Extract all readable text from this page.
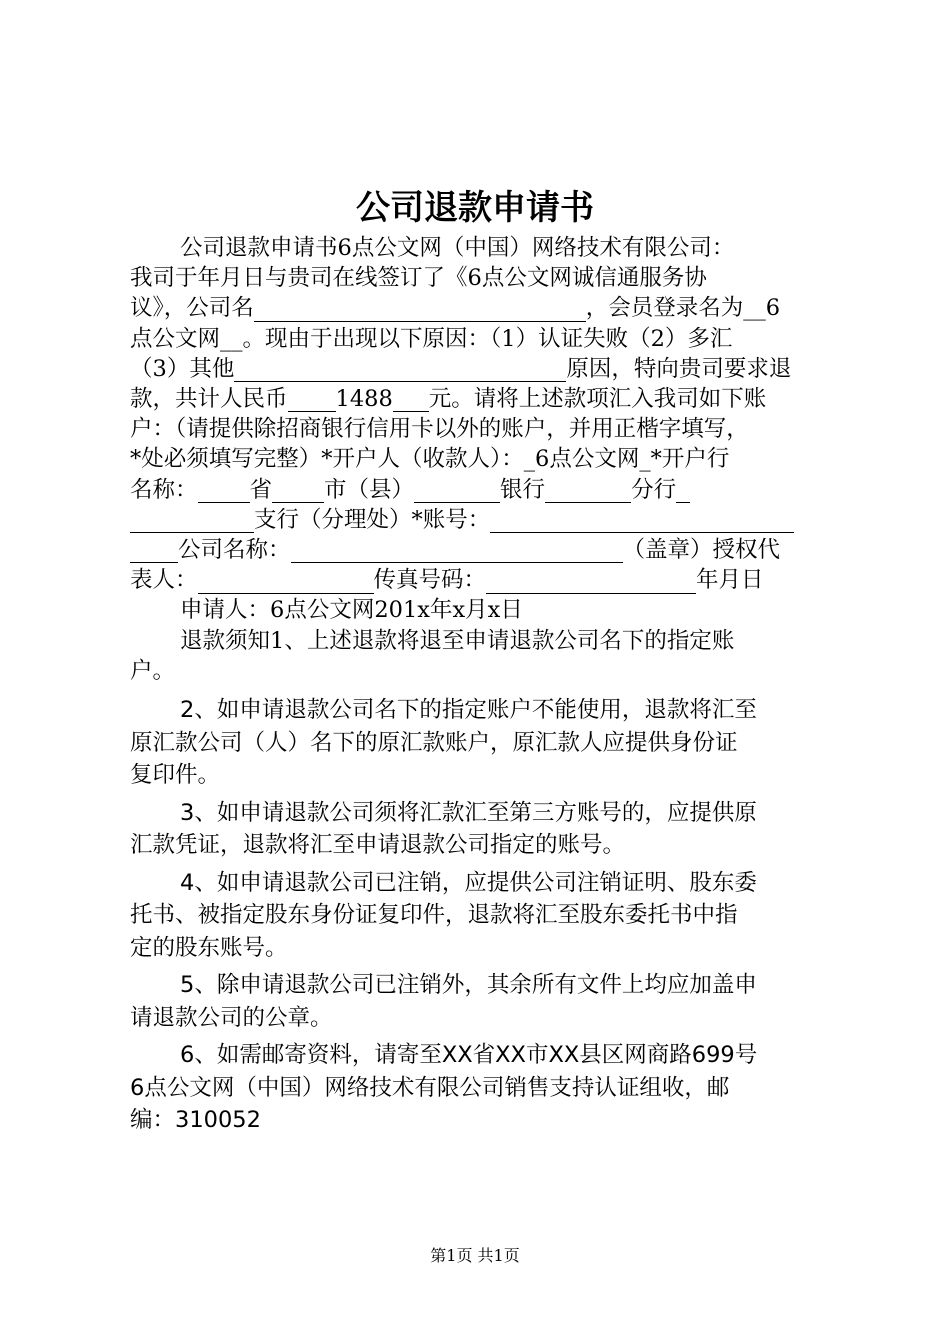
公司退款申请书

公司退款申请书6点公文网（中国）网络技术有限公司：
我司于年月日与贵司在线签订了《6点公文网诚信通服务协
议》，公司名	，会员登录名为__6
点公文网__。现由于出现以下原因：（1）认证失败（2）多汇
（3）其他	原因，特向贵司要求退
款，共计人民币 1488 元。请将上述款项汇入我司如下账
户：（请提供除招商银行信用卡以外的账户，并用正楷字填写，
*处必须填写完整）*开户人（收款人）：_6点公文网_*开户行
名称： 省 市（县）	银行	分行
支行（分理处）*账号：
公司名称：	（盖章）授权代
表人：	传真号码：	年月日

申请人：6点公文网201x年x月x日

退款须知1、上述退款将退至申请退款公司名下的指定账
户。

2、如申请退款公司名下的指定账户不能使用，退款将汇至
原汇款公司（人）名下的原汇款账户，原汇款人应提供身份证
复印件。

3、如申请退款公司须将汇款汇至第三方账号的，应提供原
汇款凭证，退款将汇至申请退款公司指定的账号。

4、如申请退款公司已注销，应提供公司注销证明、股东委
托书、被指定股东身份证复印件，退款将汇至股东委托书中指
定的股东账号。

5、除申请退款公司已注销外，其余所有文件上均应加盖申
请退款公司的公章。

6、如需邮寄资料，请寄至XX省XX市XX县区网商路699号
6点公文网（中国）网络技术有限公司销售支持认证组收，邮
编：310052

第1页 共1页
